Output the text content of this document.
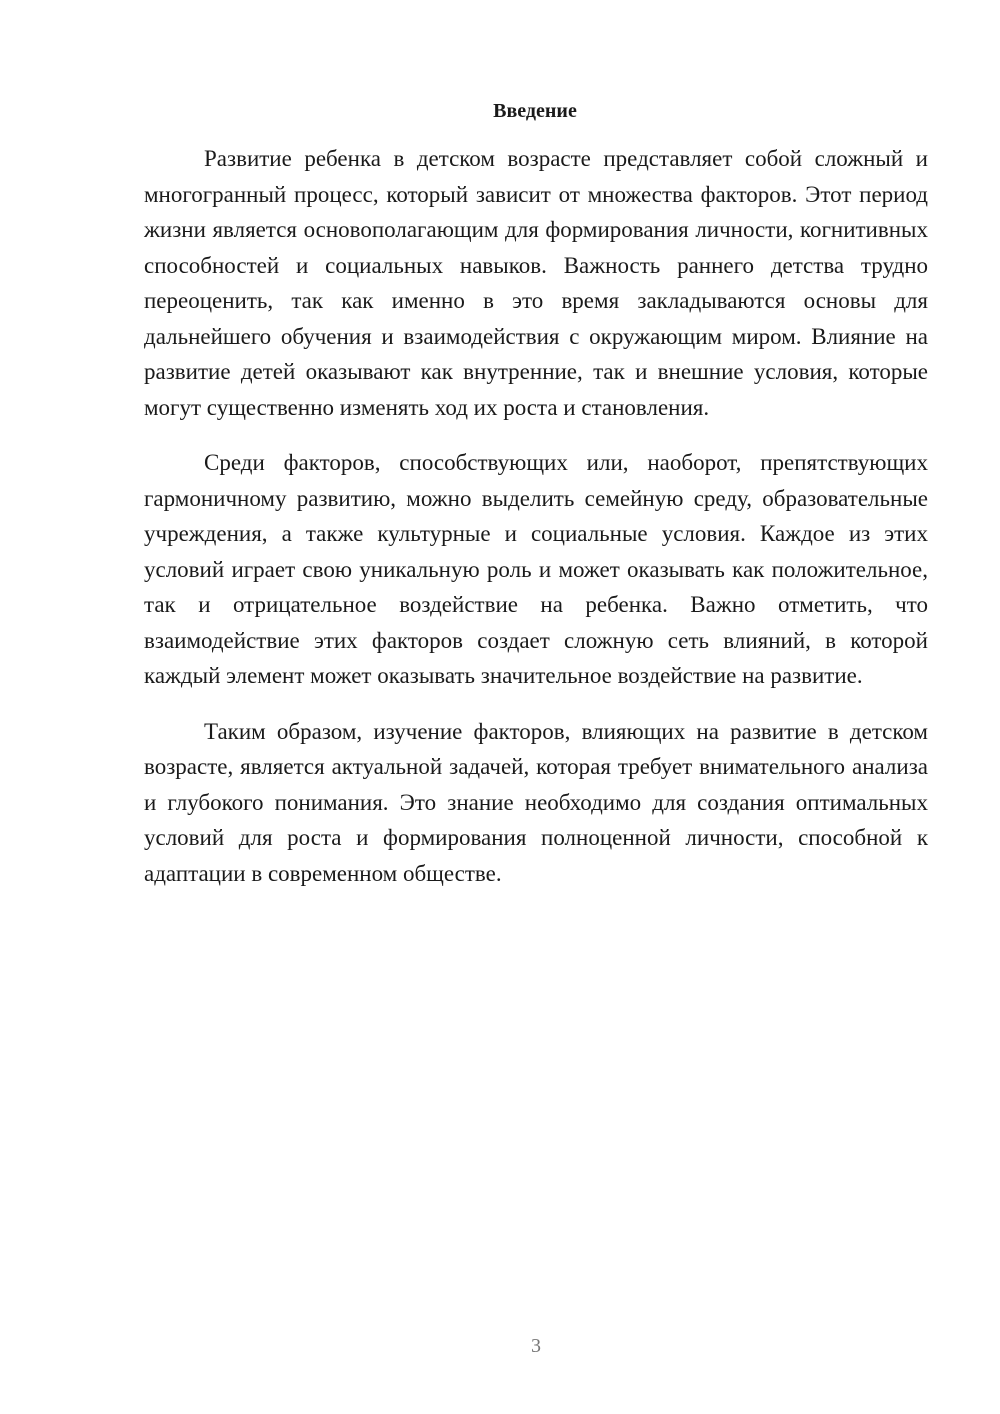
Введение

Развитие ребенка в детском возрасте представляет собой сложный и многогранный процесс, который зависит от множества факторов. Этот период жизни является основополагающим для формирования личности, когнитивных способностей и социальных навыков. Важность раннего детства трудно переоценить, так как именно в это время закладываются основы для дальнейшего обучения и взаимодействия с окружающим миром. Влияние на развитие детей оказывают как внутренние, так и внешние условия, которые могут существенно изменять ход их роста и становления.

Среди факторов, способствующих или, наоборот, препятствующих гармоничному развитию, можно выделить семейную среду, образовательные учреждения, а также культурные и социальные условия. Каждое из этих условий играет свою уникальную роль и может оказывать как положительное, так и отрицательное воздействие на ребенка. Важно отметить, что взаимодействие этих факторов создает сложную сеть влияний, в которой каждый элемент может оказывать значительное воздействие на развитие.

Таким образом, изучение факторов, влияющих на развитие в детском возрасте, является актуальной задачей, которая требует внимательного анализа и глубокого понимания. Это знание необходимо для создания оптимальных условий для роста и формирования полноценной личности, способной к адаптации в современном обществе.

3
